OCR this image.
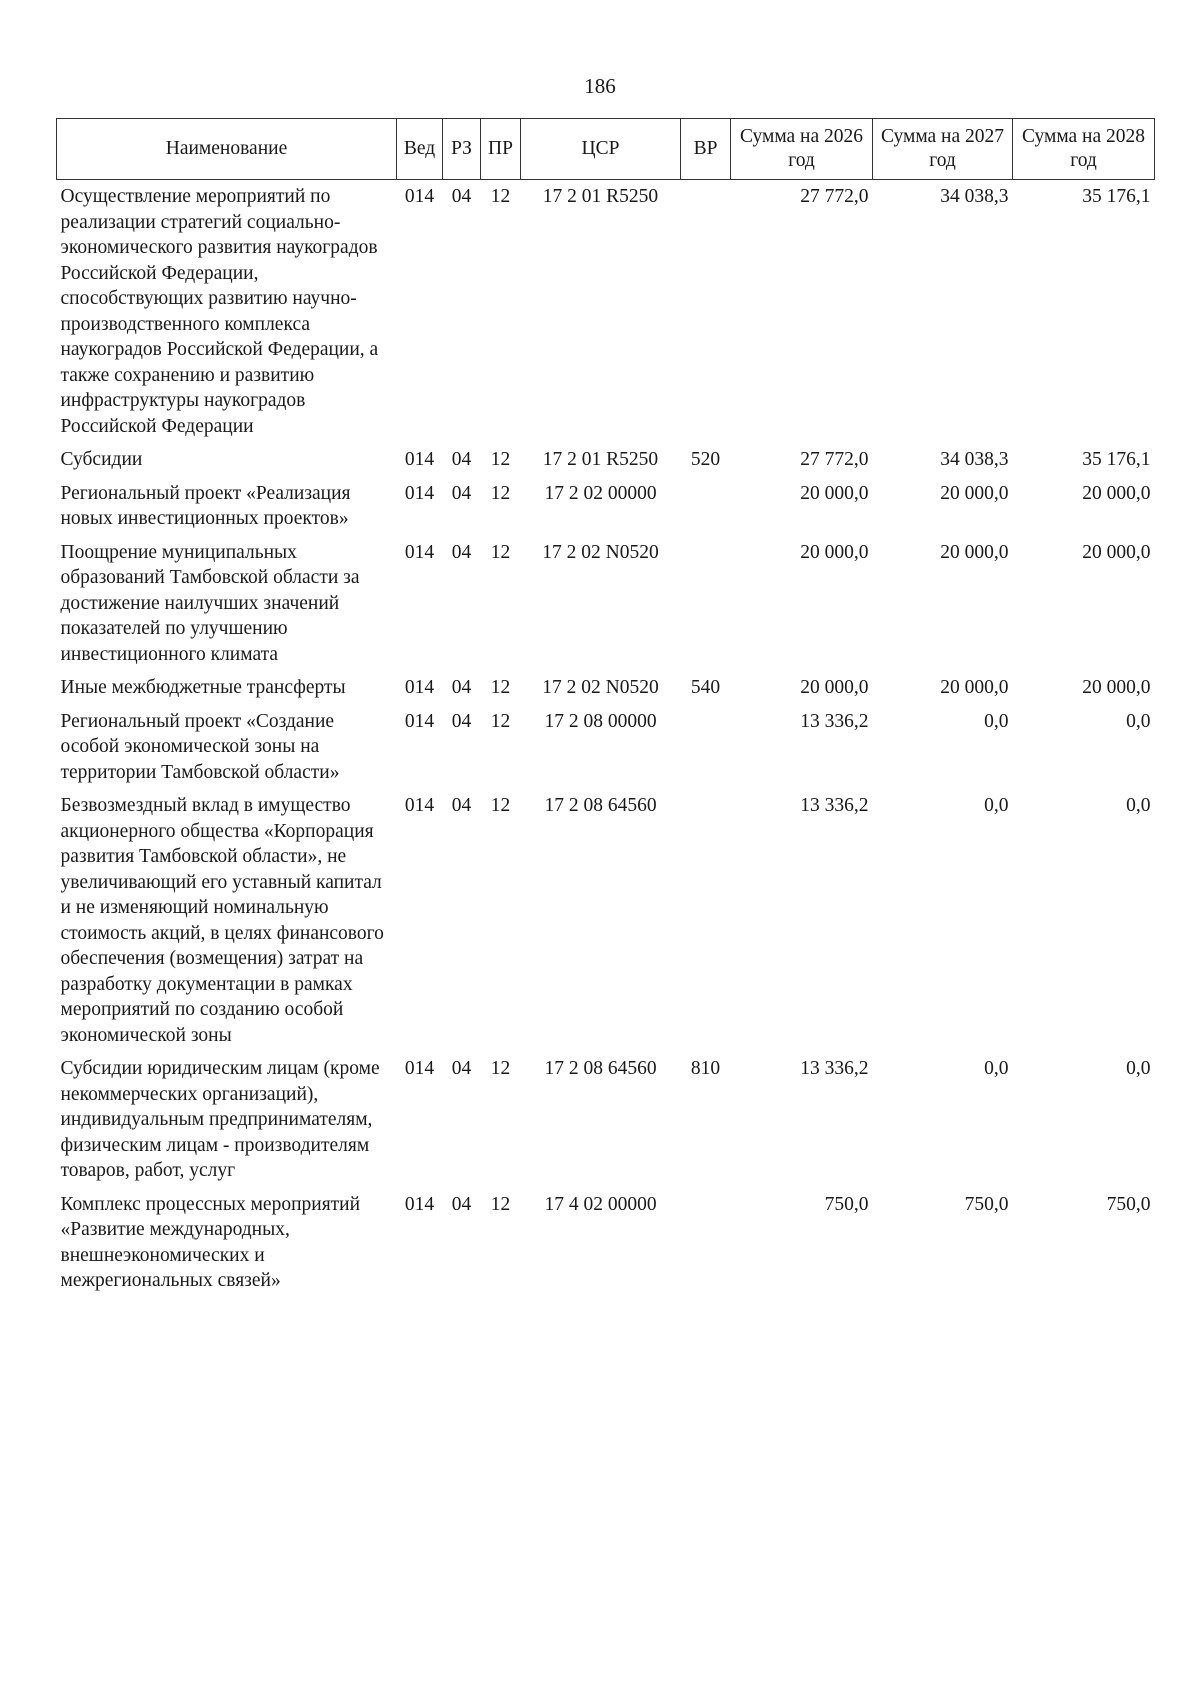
186
Наименование	Вед	РЗ	ПР	ЦСР	ВР	Сумма на 2026 год	Сумма на 2027 год	Сумма на 2028 год
Осуществление мероприятий по реализации стратегий социально-экономического развития наукоградов Российской Федерации, способствующих развитию научно-производственного комплекса наукоградов Российской Федерации, а также сохранению и развитию инфраструктуры наукоградов Российской Федерации	014	04	12	17 2 01 R5250		27 772,0	34 038,3	35 176,1
Субсидии	014	04	12	17 2 01 R5250	520	27 772,0	34 038,3	35 176,1
Региональный проект «Реализация новых инвестиционных проектов»	014	04	12	17 2 02 00000		20 000,0	20 000,0	20 000,0
Поощрение муниципальных образований Тамбовской области за достижение наилучших значений показателей по улучшению инвестиционного климата	014	04	12	17 2 02 N0520		20 000,0	20 000,0	20 000,0
Иные межбюджетные трансферты	014	04	12	17 2 02 N0520	540	20 000,0	20 000,0	20 000,0
Региональный проект «Создание особой экономической зоны на территории Тамбовской области»	014	04	12	17 2 08 00000		13 336,2	0,0	0,0
Безвозмездный вклад в имущество акционерного общества «Корпорация развития Тамбовской области», не увеличивающий его уставный капитал и не изменяющий номинальную стоимость акций, в целях финансового обеспечения (возмещения) затрат на разработку документации в рамках мероприятий по созданию особой экономической зоны	014	04	12	17 2 08 64560		13 336,2	0,0	0,0
Субсидии юридическим лицам (кроме некоммерческих организаций), индивидуальным предпринимателям, физическим лицам - производителям товаров, работ, услуг	014	04	12	17 2 08 64560	810	13 336,2	0,0	0,0
Комплекс процессных мероприятий «Развитие международных, внешнеэкономических и межрегиональных связей»	014	04	12	17 4 02 00000		750,0	750,0	750,0
